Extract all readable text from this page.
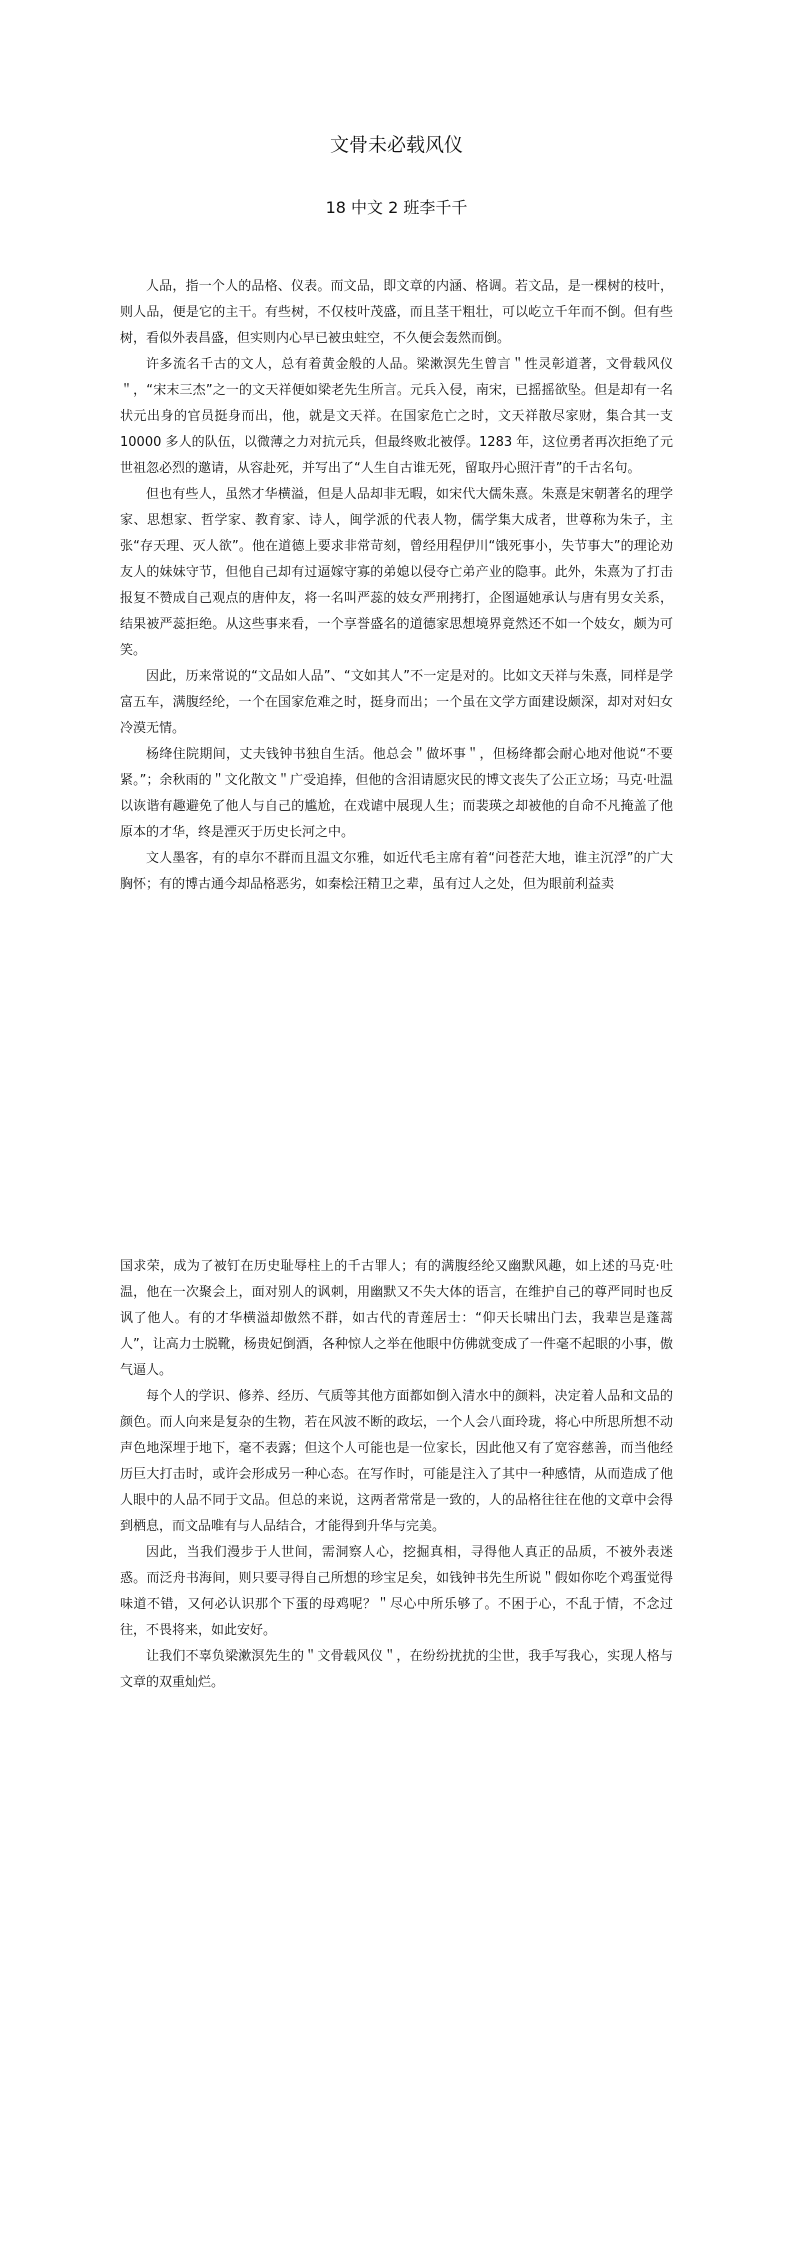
文骨未必载风仪
18 中文 2 班李千千

人品，指一个人的品格、仪表。而文品，即文章的内涵、格调。若文品，是一棵树的枝叶，则人品，便是它的主干。有些树，不仅枝叶茂盛，而且茎干粗壮，可以屹立千年而不倒。但有些树，看似外表昌盛，但实则内心早已被虫蛀空，不久便会轰然而倒。

许多流名千古的文人，总有着黄金般的人品。梁漱溟先生曾言＂性灵彰道著，文骨载风仪＂，“宋末三杰”之一的文天祥便如梁老先生所言。元兵入侵，南宋，已摇摇欲坠。但是却有一名状元出身的官员挺身而出，他，就是文天祥。在国家危亡之时，文天祥散尽家财，集合其一支 10000 多人的队伍，以微薄之力对抗元兵，但最终败北被俘。1283 年，这位勇者再次拒绝了元世祖忽必烈的邀请，从容赴死，并写出了“人生自古谁无死，留取丹心照汗青”的千古名句。

但也有些人，虽然才华横溢，但是人品却非无暇，如宋代大儒朱熹。朱熹是宋朝著名的理学家、思想家、哲学家、教育家、诗人，闽学派的代表人物，儒学集大成者，世尊称为朱子，主张“存天理、灭人欲”。他在道德上要求非常苛刻，曾经用程伊川“饿死事小，失节事大”的理论劝友人的妹妹守节，但他自己却有过逼嫁守寡的弟媳以侵夺亡弟产业的隐事。此外，朱熹为了打击报复不赞成自己观点的唐仲友，将一名叫严蕊的妓女严刑拷打，企图逼她承认与唐有男女关系，结果被严蕊拒绝。从这些事来看，一个享誉盛名的道德家思想境界竟然还不如一个妓女，颇为可笑。

因此，历来常说的“文品如人品”、“文如其人”不一定是对的。比如文天祥与朱熹，同样是学富五车，满腹经纶，一个在国家危难之时，挺身而出；一个虽在文学方面建设颇深，却对对妇女冷漠无情。

杨绛住院期间，丈夫钱钟书独自生活。他总会＂做坏事＂，但杨绛都会耐心地对他说“不要紧。”；余秋雨的＂文化散文＂广受追捧，但他的含泪请愿灾民的博文丧失了公正立场；马克·吐温以诙谐有趣避免了他人与自己的尴尬，在戏谑中展现人生；而裴瑛之却被他的自命不凡掩盖了他原本的才华，终是湮灭于历史长河之中。

文人墨客，有的卓尔不群而且温文尔雅，如近代毛主席有着“问苍茫大地，谁主沉浮”的广大胸怀；有的博古通今却品格恶劣，如秦桧汪精卫之辈，虽有过人之处，但为眼前利益卖

国求荣，成为了被钉在历史耻辱柱上的千古罪人；有的满腹经纶又幽默风趣，如上述的马克·吐温，他在一次聚会上，面对别人的讽刺，用幽默又不失大体的语言，在维护自己的尊严同时也反讽了他人。有的才华横溢却傲然不群，如古代的青莲居士：“仰天长啸出门去，我辈岂是蓬蒿人”，让高力士脱靴，杨贵妃倒酒，各种惊人之举在他眼中仿佛就变成了一件毫不起眼的小事，傲气逼人。

每个人的学识、修养、经历、气质等其他方面都如倒入清水中的颜料，决定着人品和文品的颜色。而人向来是复杂的生物，若在风波不断的政坛，一个人会八面玲珑，将心中所思所想不动声色地深埋于地下，毫不表露；但这个人可能也是一位家长，因此他又有了宽容慈善，而当他经历巨大打击时，或许会形成另一种心态。在写作时，可能是注入了其中一种感情，从而造成了他人眼中的人品不同于文品。但总的来说，这两者常常是一致的，人的品格往往在他的文章中会得到栖息，而文品唯有与人品结合，才能得到升华与完美。

因此，当我们漫步于人世间，需洞察人心，挖掘真相，寻得他人真正的品质，不被外表迷惑。而泛舟书海间，则只要寻得自己所想的珍宝足矣，如钱钟书先生所说＂假如你吃个鸡蛋觉得味道不错，又何必认识那个下蛋的母鸡呢？＂尽心中所乐够了。不困于心，不乱于情，不念过往，不畏将来，如此安好。

让我们不辜负梁漱溟先生的＂文骨载风仪＂，在纷纷扰扰的尘世，我手写我心，实现人格与文章的双重灿烂。
